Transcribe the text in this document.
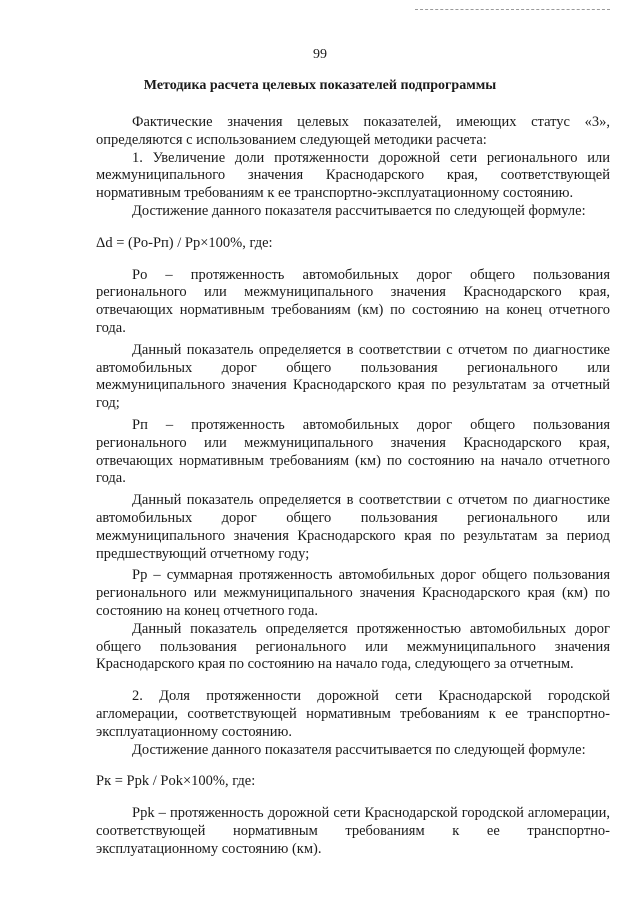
99
Методика расчета целевых показателей подпрограммы

Фактические значения целевых показателей, имеющих статус «3», определяются с использованием следующей методики расчета:

1. Увеличение доли протяженности дорожной сети регионального или межмуниципального значения Краснодарского края, соответствующей нормативным требованиям к ее транспортно-эксплуатационному состоянию.

Достижение данного показателя рассчитывается по следующей формуле:

Δd = (Po-Pп) / Pp×100%, где:

Po – протяженность автомобильных дорог общего пользования регионального или межмуниципального значения Краснодарского края, отвечающих нормативным требованиям (км) по состоянию на конец отчетного года.

Данный показатель определяется в соответствии с отчетом по диагностике автомобильных дорог общего пользования регионального или межмуниципального значения Краснодарского края по результатам за отчетный год;

Pп – протяженность автомобильных дорог общего пользования регионального или межмуниципального значения Краснодарского края, отвечающих нормативным требованиям (км) по состоянию на начало отчетного года.

Данный показатель определяется в соответствии с отчетом по диагностике автомобильных дорог общего пользования регионального или межмуниципального значения Краснодарского края по результатам за период предшествующий отчетному году;

Pp – суммарная протяженность автомобильных дорог общего пользования регионального или межмуниципального значения Краснодарского края (км) по состоянию на конец отчетного года.

Данный показатель определяется протяженностью автомобильных дорог общего пользования регионального или межмуниципального значения Краснодарского края по состоянию на начало года, следующего за отчетным.

2. Доля протяженности дорожной сети Краснодарской городской агломерации, соответствующей нормативным требованиям к ее транспортно-эксплуатационному состоянию.

Достижение данного показателя рассчитывается по следующей формуле:

Pк = Ppk / Pok×100%, где:

Ppk – протяженность дорожной сети Краснодарской городской агломерации, соответствующей нормативным требованиям к ее транспортно-эксплуатационному состоянию (км).
